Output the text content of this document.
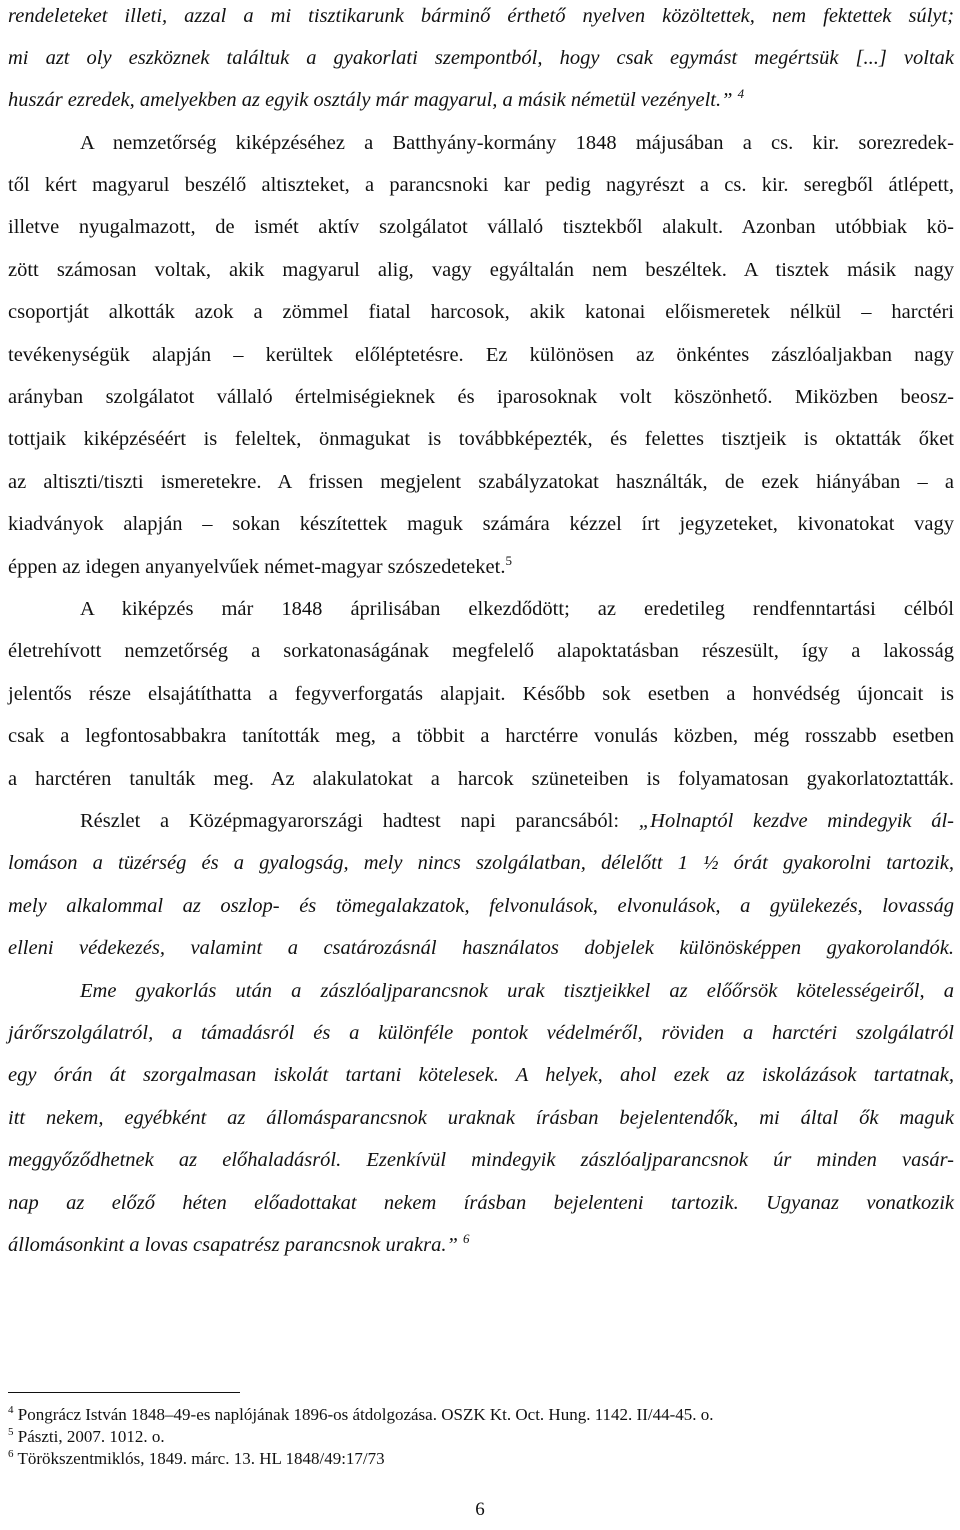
rendeleteket illeti, azzal a mi tisztikarunk bárminő érthető nyelven közöltettek, nem fektettek súlyt;
mi azt oly eszköznek találtuk a gyakorlati szempontból, hogy csak egymást megértsük [...] voltak
huszár ezredek, amelyekben az egyik osztály már magyarul, a másik németül vezényelt.” $^4$
A nemzetőrség kiképzéséhez a Batthyány-kormány 1848 májusában a cs. kir. sorezredek-
től kért magyarul beszélő altiszteket, a parancsnoki kar pedig nagyrészt a cs. kir. seregből átlépett,
illetve nyugalmazott, de ismét aktív szolgálatot vállaló tisztekből alakult. Azonban utóbbiak kö-
zött számosan voltak, akik magyarul alig, vagy egyáltalán nem beszéltek. A tisztek másik nagy
csoportját alkották azok a zömmel fiatal harcosok, akik katonai előismeretek nélkül – harctéri
tevékenységük alapján – kerültek előléptetésre. Ez különösen az önkéntes zászlóaljakban nagy
arányban szolgálatot vállaló értelmiségieknek és iparosoknak volt köszönhető. Miközben beosz-
tottjaik kiképzéséért is feleltek, önmagukat is továbbképezték, és felettes tisztjeik is oktatták őket
az altiszti/tiszti ismeretekre. A frissen megjelent szabályzatokat használták, de ezek hiányában – a
kiadványok alapján – sokan készítettek maguk számára kézzel írt jegyzeteket, kivonatokat vagy
éppen az idegen anyanyelvűek német-magyar szószedeteket.$^5$
A kiképzés már 1848 áprilisában elkezdődött; az eredetileg rendfenntartási célból
életrehívott nemzetőrség a sorkatonaságának megfelelő alapoktatásban részesült, így a lakosság
jelentős része elsajátíthatta a fegyverforgatás alapjait. Később sok esetben a honvédség újoncait is
csak a legfontosabbakra tanították meg, a többit a harctérre vonulás közben, még rosszabb esetben
a harctéren tanulták meg. Az alakulatokat a harcok szüneteiben is folyamatosan gyakorlatoztatták.
Részlet a Középmagyarországi hadtest napi parancsából: „Holnaptól kezdve mindegyik ál-
lomáson a tüzérség és a gyalogság, mely nincs szolgálatban, délelőtt 1 ½ órát gyakorolni tartozik,
mely alkalommal az oszlop- és tömegalakzatok, felvonulások, elvonulások, a gyülekezés, lovasság
elleni védekezés, valamint a csatározásnál használatos dobjelek különösképpen gyakorolandók.
Eme gyakorlás után a zászlóaljparancsnok urak tisztjeikkel az előőrsök kötelességeiről, a
járőrszolgálatról, a támadásról és a különféle pontok védelméről, röviden a harctéri szolgálatról
egy órán át szorgalmasan iskolát tartani kötelesek. A helyek, ahol ezek az iskolázások tartatnak,
itt nekem, egyébként az állomásparancsnok uraknak írásban bejelentendők, mi által ők maguk
meggyőződhetnek az előhaladásról. Ezenkívül mindegyik zászlóaljparancsnok úr minden vasár-
nap az előző héten előadottakat nekem írásban bejelenteni tartozik. Ugyanaz vonatkozik
állomásonkint a lovas csapatrész parancsnok urakra.” $^6$
$^4$ Pongrácz István 1848–49-es naplójának 1896-os átdolgozása. OSZK Kt. Oct. Hung. 1142. II/44-45. o.
$^5$ Pászti, 2007. 1012. o.
$^6$ Törökszentmiklós, 1849. márc. 13. HL 1848/49:17/73
6
